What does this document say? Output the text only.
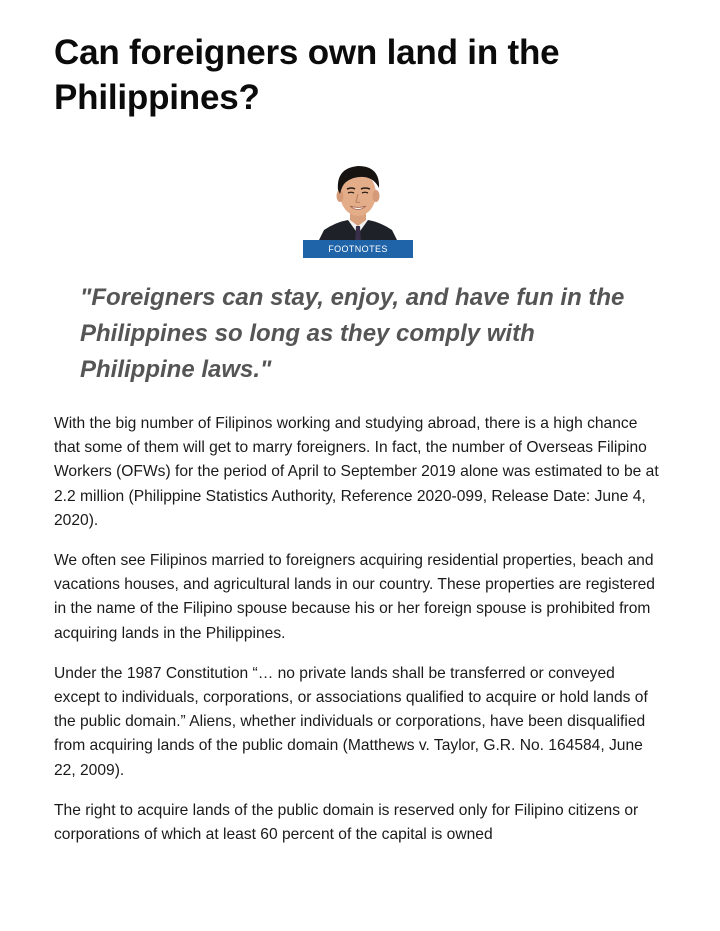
Can foreigners own land in the Philippines?
FOOTNOTES
"Foreigners can stay, enjoy, and have fun in the Philippines so long as they comply with Philippine laws."

With the big number of Filipinos working and studying abroad, there is a high chance that some of them will get to marry foreigners. In fact, the number of Overseas Filipino Workers (OFWs) for the period of April to September 2019 alone was estimated to be at 2.2 million (Philippine Statistics Authority, Reference 2020-099, Release Date: June 4, 2020).

We often see Filipinos married to foreigners acquiring residential properties, beach and vacations houses, and agricultural lands in our country. These properties are registered in the name of the Filipino spouse because his or her foreign spouse is prohibited from acquiring lands in the Philippines.

Under the 1987 Constitution “… no private lands shall be transferred or conveyed except to individuals, corporations, or associations qualified to acquire or hold lands of the public domain.” Aliens, whether individuals or corporations, have been disqualified from acquiring lands of the public domain (Matthews v. Taylor, G.R. No. 164584, June 22, 2009).

The right to acquire lands of the public domain is reserved only for Filipino citizens or corporations of which at least 60 percent of the capital is owned
